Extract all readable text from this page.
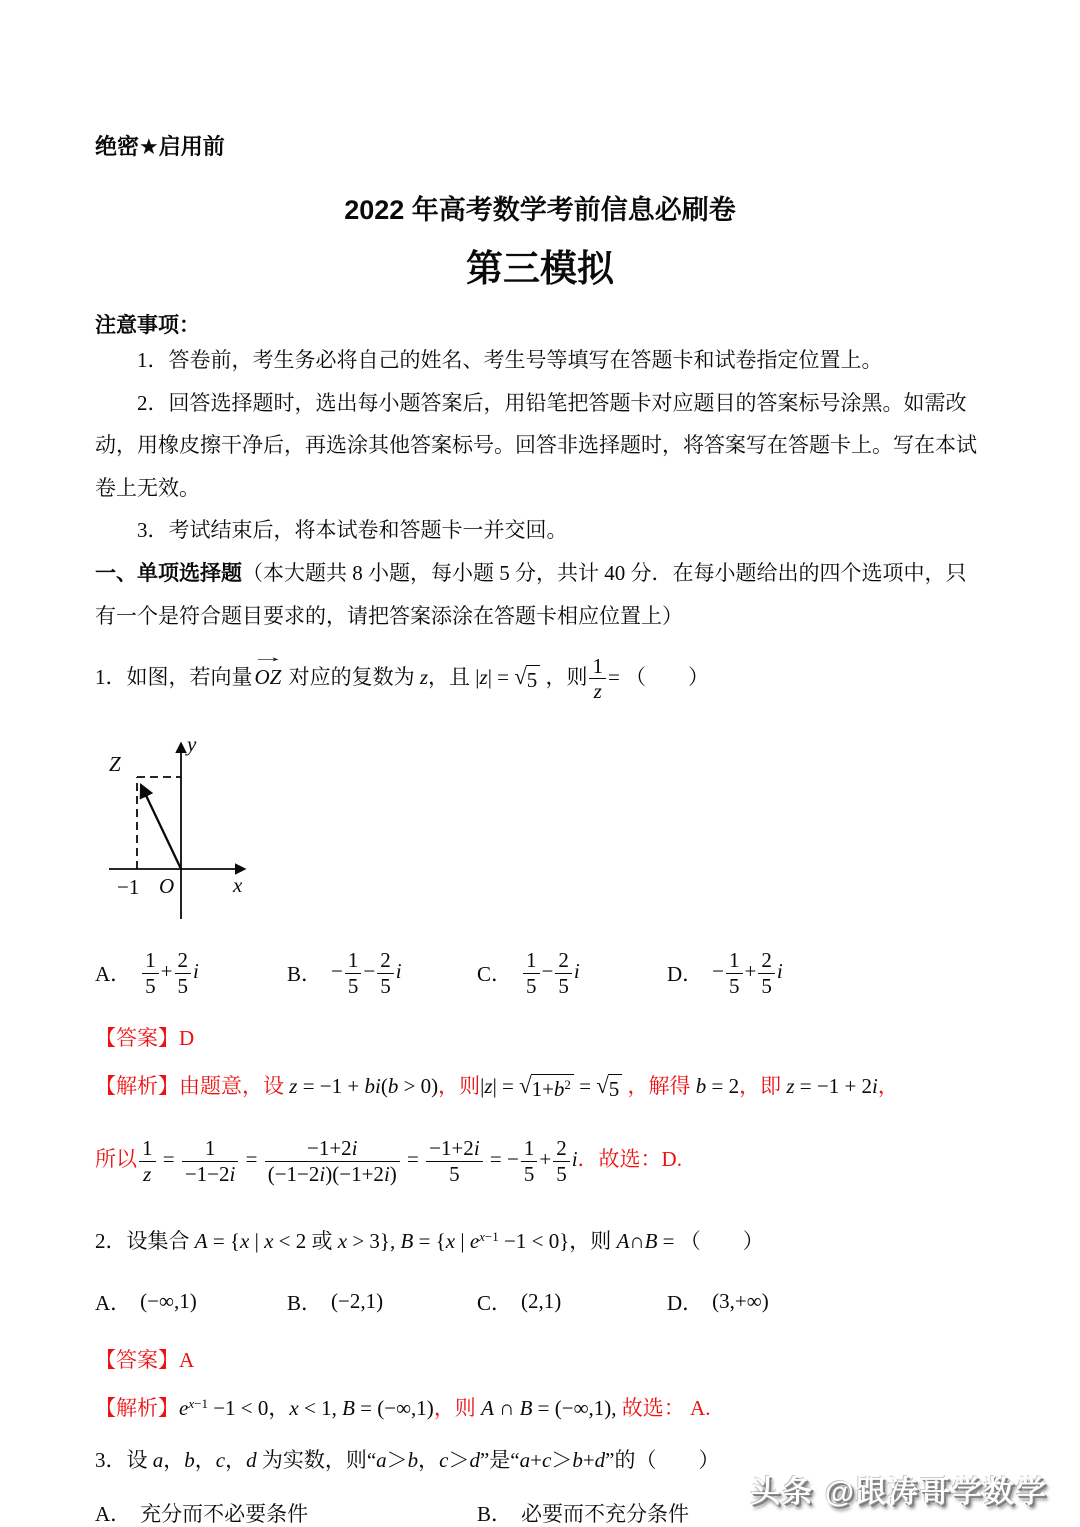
绝密★启用前
2022 年高考数学考前信息必刷卷
第三模拟
注意事项：

1．答卷前，考生务必将自己的姓名、考生号等填写在答题卡和试卷指定位置上。

2．回答选择题时，选出每小题答案后，用铅笔把答题卡对应题目的答案标号涂黑。如需改动，用橡皮擦干净后，再选涂其他答案标号。回答非选择题时，将答案写在答题卡上。写在本试卷上无效。

3．考试结束后，将本试卷和答题卡一并交回。

一、单项选择题（本大题共 8 小题，每小题 5 分，共计 40 分．在每小题给出的四个选项中，只有一个是符合题目要求的，请把答案添涂在答题卡相应位置上）

1．如图，若向量
→
OZ 对应的复数为 z，且 |z| = √ 5 ，则 $\frac{1}{z}$ = （　　）

y
x
O
Z
−1
A． $\frac{1}{5} + \frac{2}{5}$ i	B． − $\frac{1}{5} - \frac{2}{5}$ i	C． $\frac{1}{5} - \frac{2}{5}$ i	D． − $\frac{1}{5} + \frac{2}{5}$ i

【答案】D

【解析】由题意，设 z = −1 + bi(b > 0)，则|z| = √ $1+b^2$ = √ 5 ，解得 b = 2，即 z = −1 + 2i，

所以 $\frac{1}{z} = \frac{1}{-1-2i} = \frac{-1+2i}{(-1-2i)(-1+2i)} = \frac{-1+2i}{5}$ = − $\frac{1}{5} + \frac{2}{5}$ i．故选：D.

2．设集合 A = {x | x < 2 或 x > 3}, B = {x | $e^{x-1} -1 < 0$}，则 A∩B = （　　）

A． (−∞,1)	B． (−2,1)	C． (2,1)	D． (3,+∞)

【答案】A

【解析】$e^{x-1} -1 < 0$，x < 1, B = (−∞,1)，则 A ∩ B = (−∞,1), 故选： A.

3．设 a，b，c，d 为实数，则“a＞b，c＞d”是“a+c＞b+d”的（　　）

A． 充分而不必要条件	B． 必要而不充分条件
头条 @跟涛哥学数学
